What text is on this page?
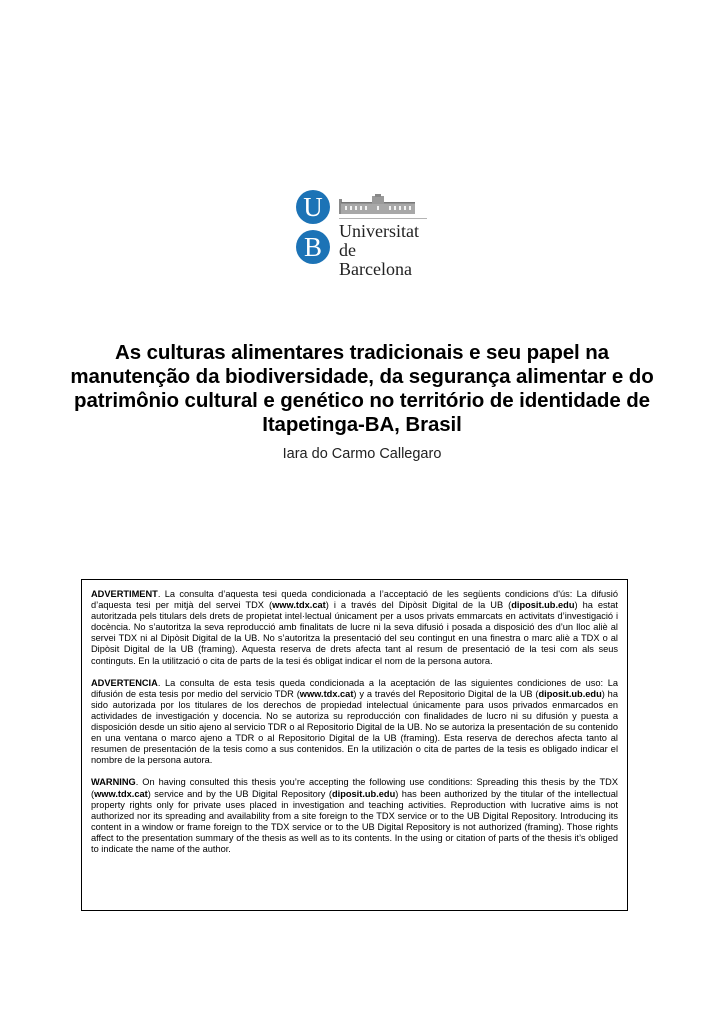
U
B
Universitat
de Barcelona
As culturas alimentares tradicionais e seu papel na manutenção da biodiversidade, da segurança alimentar e do patrimônio cultural e genético no território de identidade de Itapetinga-BA, Brasil
Iara do Carmo Callegaro

ADVERTIMENT. La consulta d’aquesta tesi queda condicionada a l’acceptació de les següents condicions d'ús: La difusió d’aquesta tesi per mitjà del servei TDX (www.tdx.cat) i a través del Dipòsit Digital de la UB (diposit.ub.edu) ha estat autoritzada pels titulars dels drets de propietat intel·lectual únicament per a usos privats emmarcats en activitats d’investigació i docència. No s’autoritza la seva reproducció amb finalitats de lucre ni la seva difusió i posada a disposició des d’un lloc aliè al servei TDX ni al Dipòsit Digital de la UB. No s’autoritza la presentació del seu contingut en una finestra o marc aliè a TDX o al Dipòsit Digital de la UB (framing). Aquesta reserva de drets afecta tant al resum de presentació de la tesi com als seus continguts. En la utilització o cita de parts de la tesi és obligat indicar el nom de la persona autora.

ADVERTENCIA. La consulta de esta tesis queda condicionada a la aceptación de las siguientes condiciones de uso: La difusión de esta tesis por medio del servicio TDR (www.tdx.cat) y a través del Repositorio Digital de la UB (diposit.ub.edu) ha sido autorizada por los titulares de los derechos de propiedad intelectual únicamente para usos privados enmarcados en actividades de investigación y docencia. No se autoriza su reproducción con finalidades de lucro ni su difusión y puesta a disposición desde un sitio ajeno al servicio TDR o al Repositorio Digital de la UB. No se autoriza la presentación de su contenido en una ventana o marco ajeno a TDR o al Repositorio Digital de la UB (framing). Esta reserva de derechos afecta tanto al resumen de presentación de la tesis como a sus contenidos. En la utilización o cita de partes de la tesis es obligado indicar el nombre de la persona autora.

WARNING. On having consulted this thesis you’re accepting the following use conditions: Spreading this thesis by the TDX (www.tdx.cat) service and by the UB Digital Repository (diposit.ub.edu) has been authorized by the titular of the intellectual property rights only for private uses placed in investigation and teaching activities. Reproduction with lucrative aims is not authorized nor its spreading and availability from a site foreign to the TDX service or to the UB Digital Repository. Introducing its content in a window or frame foreign to the TDX service or to the UB Digital Repository is not authorized (framing). Those rights affect to the presentation summary of the thesis as well as to its contents. In the using or citation of parts of the thesis it’s obliged to indicate the name of the author.
